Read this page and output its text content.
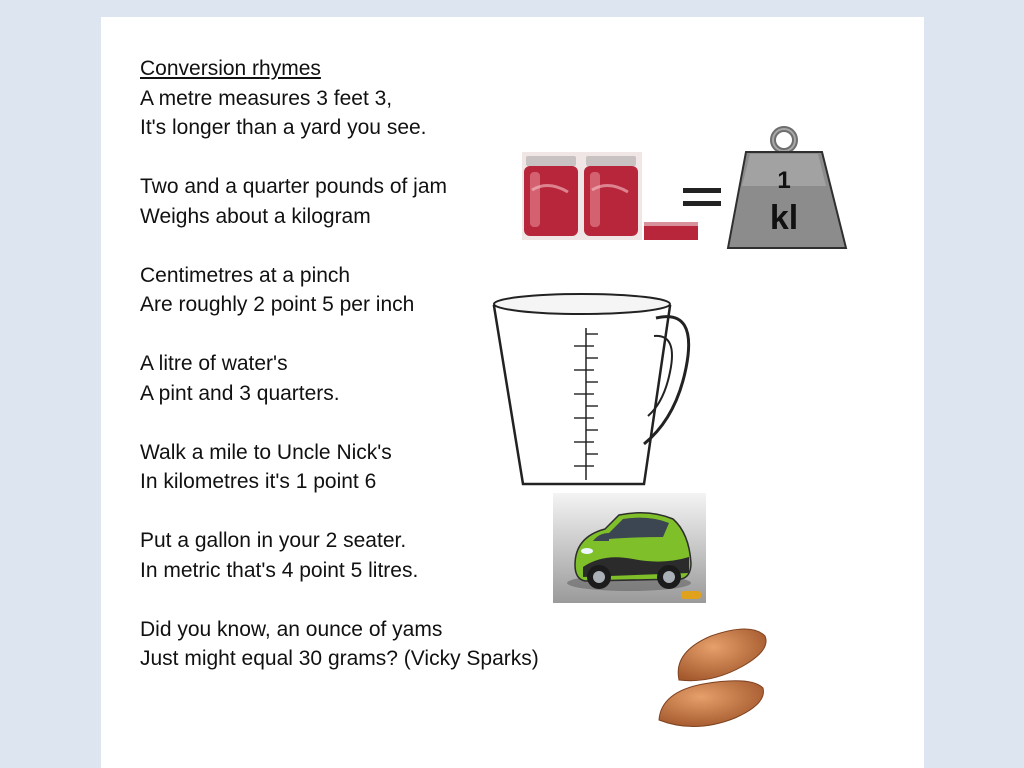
Conversion rhymes
A metre measures 3 feet 3,
It's longer than a yard you see.
Two and a quarter pounds of jam
Weighs about a kilogram
Centimetres at a pinch
Are roughly 2 point 5 per inch
A litre of water's
A pint and 3 quarters.
Walk a mile to Uncle Nick's
In kilometres it's 1 point 6
Put a gallon in your 2 seater.
In metric that's 4 point 5 litres.
Did you know, an ounce of yams
Just might equal 30 grams? (Vicky Sparks)
1
kl
